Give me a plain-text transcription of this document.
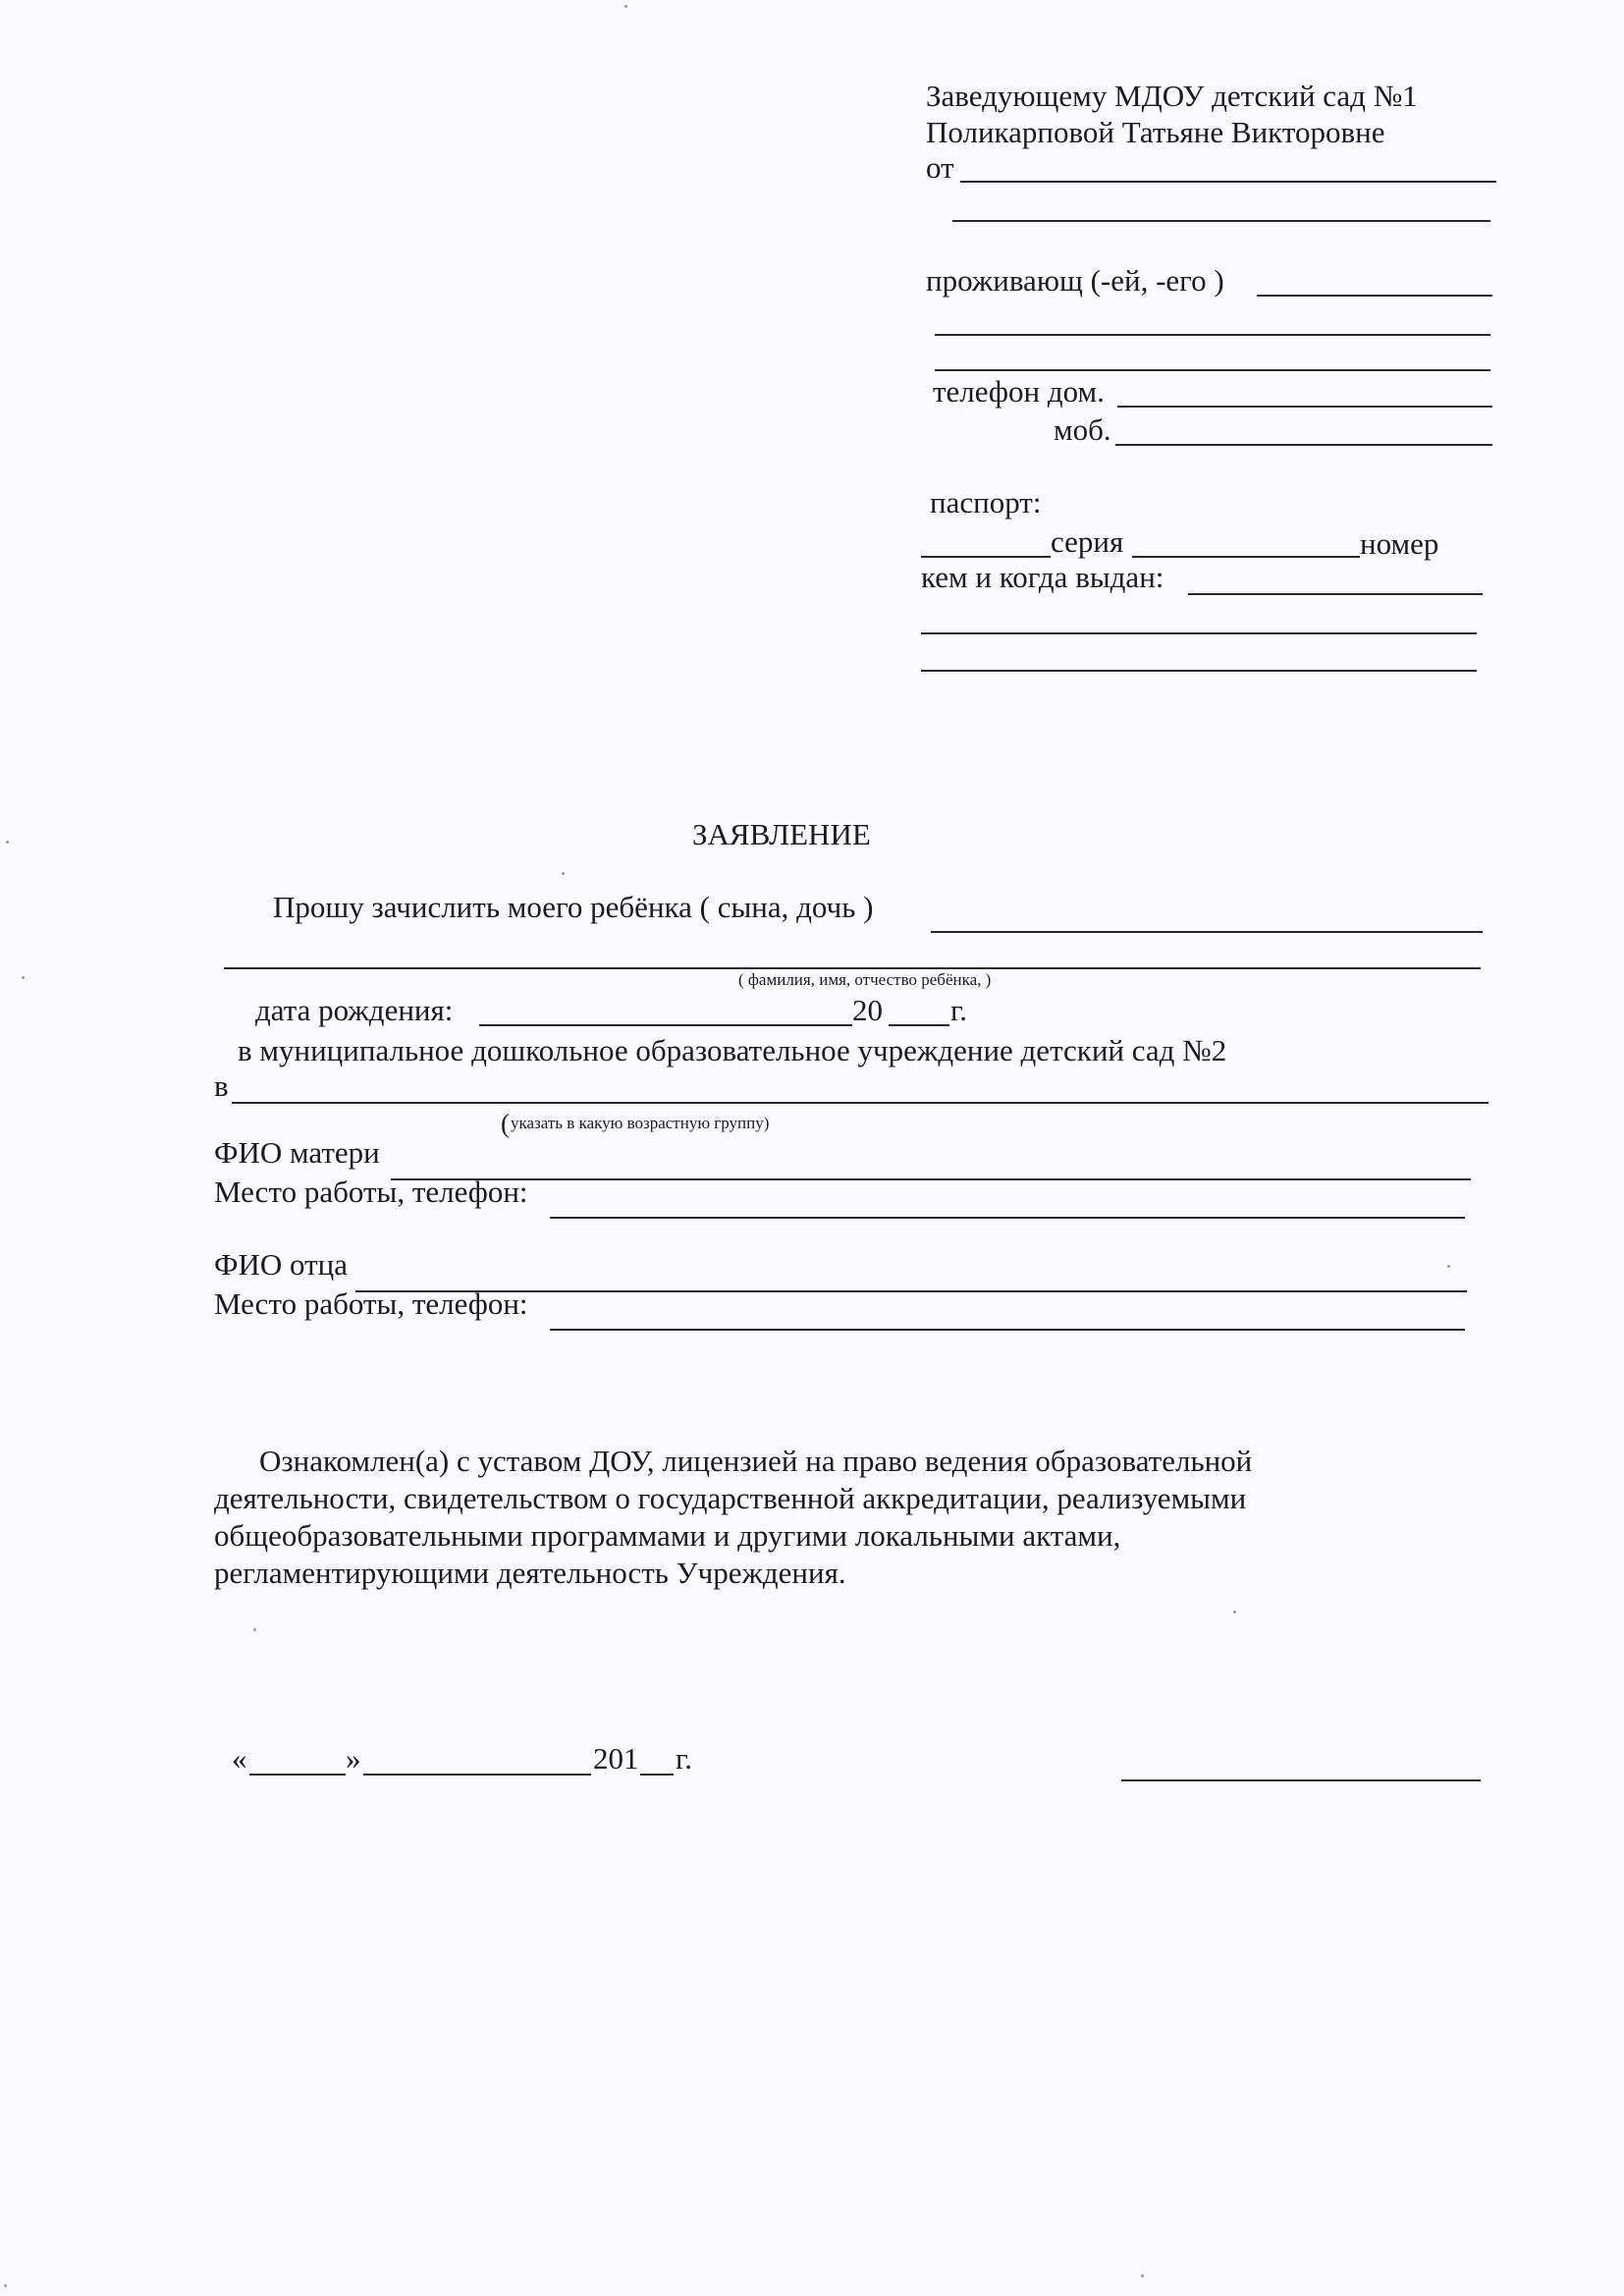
Заведующему МДОУ детский сад №1
Поликарповой Татьяне Викторовне
от
проживающ (-ей, -его )
телефон дом.
моб.
паспорт:
серия	номер
кем и когда выдан:
ЗАЯВЛЕНИЕ
Прошу зачислить моего ребёнка ( сына, дочь )
( фамилия, имя, отчество ребёнка, )
дата рождения:	20 г.
в муниципальное дошкольное образовательное учреждение детский сад №2
в
( указать в какую возрастную группу)
ФИО матери
Место работы, телефон:
ФИО отца
Место работы, телефон:
Ознакомлен(а) с уставом ДОУ, лицензией на право ведения образовательной
деятельности, свидетельством о государственной аккредитации, реализуемыми
общеобразовательными программами и другими локальными актами,
регламентирующими деятельность Учреждения.
«	»	201 г.
